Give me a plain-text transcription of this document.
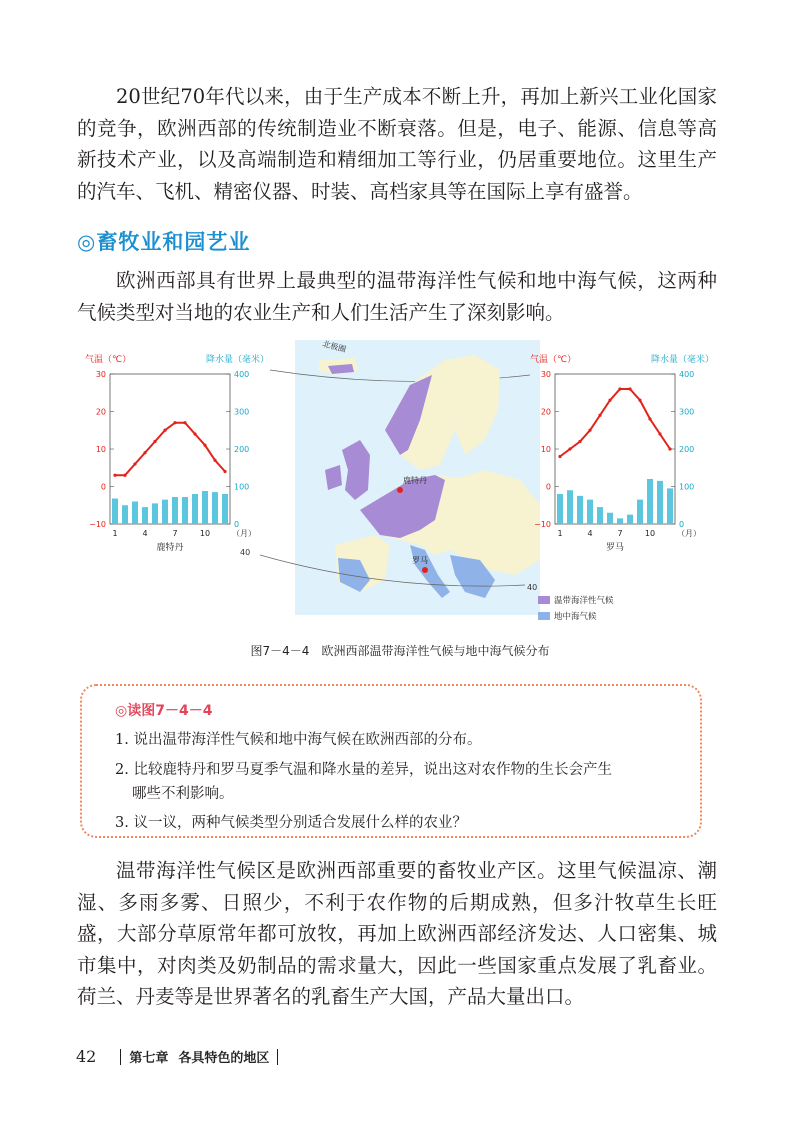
20世纪70年代以来，由于生产成本不断上升，再加上新兴工业化国家的竞争，欧洲西部的传统制造业不断衰落。但是，电子、能源、信息等高新技术产业，以及高端制造和精细加工等行业，仍居重要地位。这里生产的汽车、飞机、精密仪器、时装、高档家具等在国际上享有盛誉。

◎畜牧业和园艺业

欧洲西部具有世界上最典型的温带海洋性气候和地中海气候，这两种气候类型对当地的农业生产和人们生活产生了深刻影响。

北极圈
40
40
鹿特丹
罗马
温带海洋性气候
地中海气候
气温（℃）	降水量（毫米）
30
20
10
0
−10
400
300
200
100
0
1	4	7	10	（月）
鹿特丹
气温（℃）	降水量（毫米）
30
20
10
0
−10
400
300
200
100
0
1	4	7	10	（月）
罗马
图7－4－4 欧洲西部温带海洋性气候与地中海气候分布
◎读图7－4－4
1. 说出温带海洋性气候和地中海气候在欧洲西部的分布。
2. 比较鹿特丹和罗马夏季气温和降水量的差异，说出这对农作物的生长会产生
哪些不利影响。
3. 议一议，两种气候类型分别适合发展什么样的农业？

温带海洋性气候区是欧洲西部重要的畜牧业产区。这里气候温凉、潮湿、多雨多雾、日照少，不利于农作物的后期成熟，但多汁牧草生长旺盛，大部分草原常年都可放牧，再加上欧洲西部经济发达、人口密集、城市集中，对肉类及奶制品的需求量大，因此一些国家重点发展了乳畜业。荷兰、丹麦等是世界著名的乳畜生产大国，产品大量出口。

42	第七章 各具特色的地区
